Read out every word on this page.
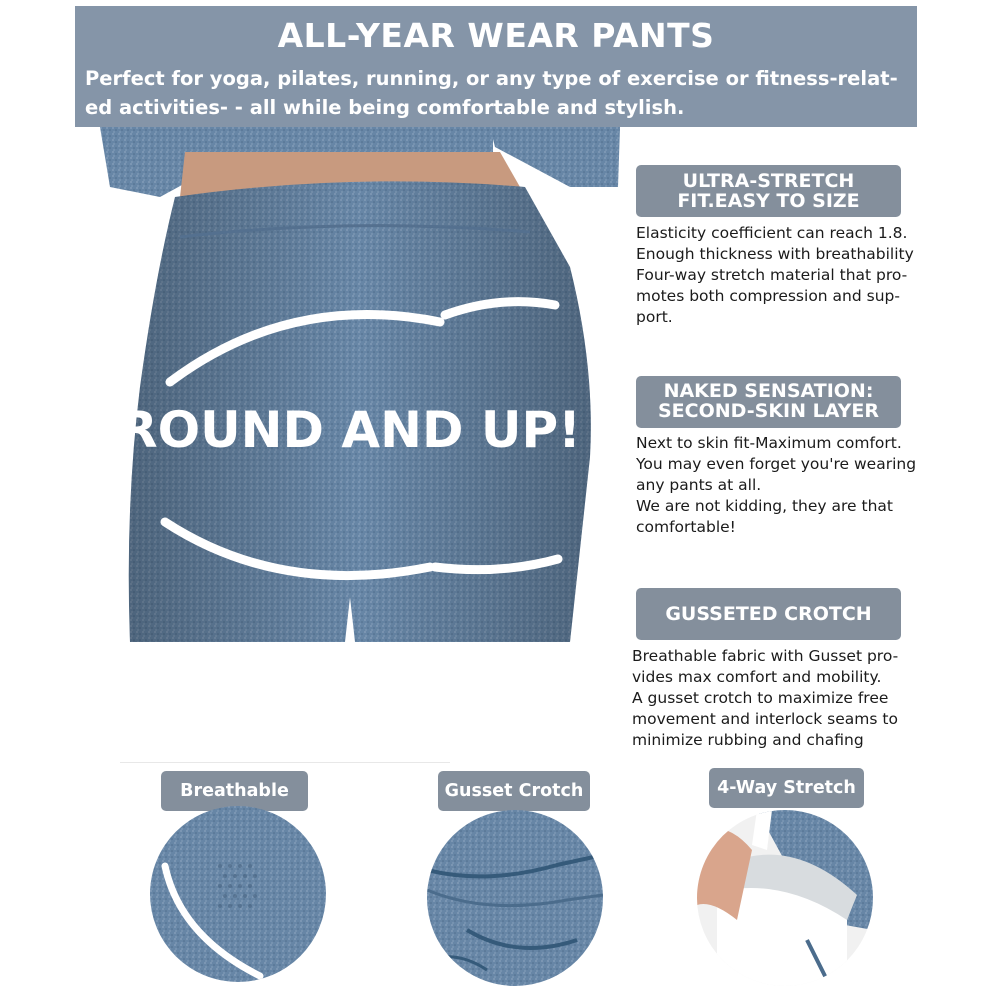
ALL-YEAR WEAR PANTS
Perfect for yoga, pilates, running, or any type of exercise or fitness-relat-
ed activities- - all while being comfortable and stylish.
ROUND AND UP!
ULTRA-STRETCH
FIT.EASY TO SIZE
Elasticity coefficient can reach 1.8.
Enough thickness with breathability
Four-way stretch material that pro-
motes both compression and sup-
port.
NAKED SENSATION:
SECOND-SKIN LAYER
Next to skin fit-Maximum comfort.
You may even forget you're wearing
any pants at all.
We are not kidding, they are that
comfortable!
GUSSETED CROTCH
Breathable fabric with Gusset pro-
vides max comfort and mobility.
A gusset crotch to maximize free
movement and interlock seams to
minimize rubbing and chafing
Breathable	Gusset Crotch	4-Way Stretch
